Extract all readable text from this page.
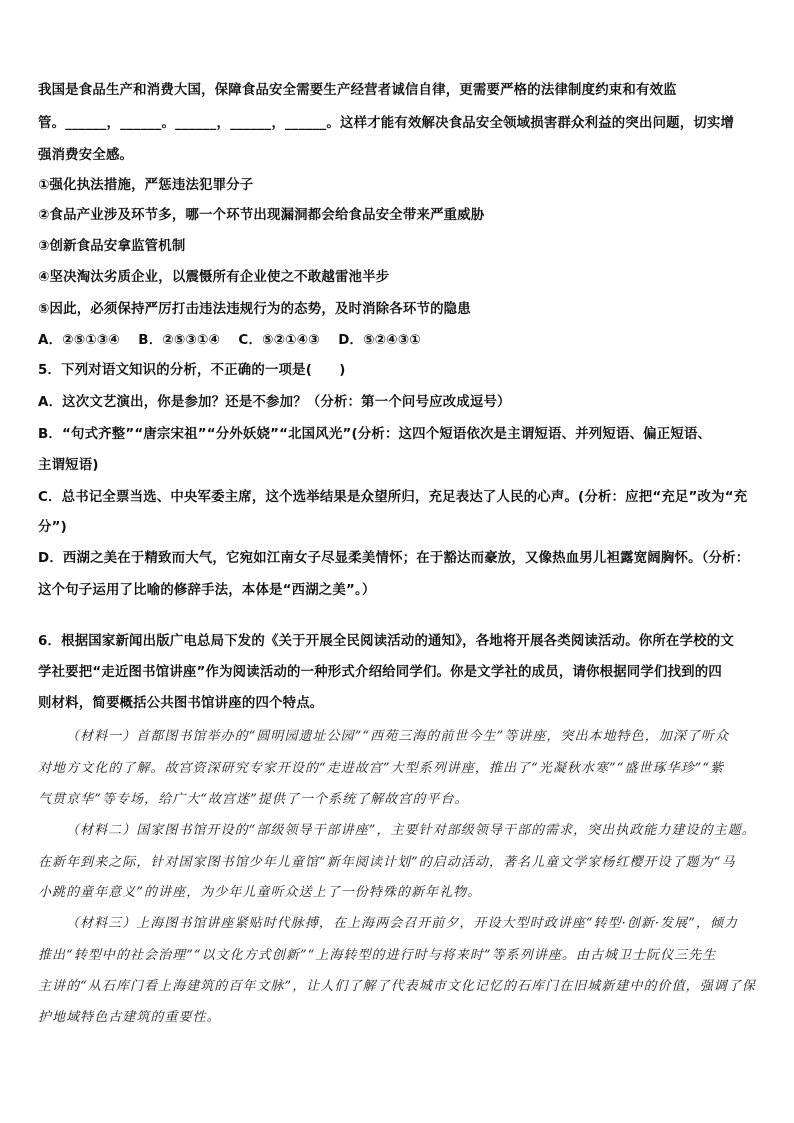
我国是食品生产和消费大国，保障食品安全需要生产经营者诚信自律，更需要严格的法律制度约束和有效监
管。______，______。______，______，______。这样才能有效解决食品安全领域损害群众利益的突出问题，切实增
强消费安全感。
①强化执法措施，严惩违法犯罪分子
②食品产业涉及环节多，哪一个环节出现漏洞都会给食品安全带来严重威胁
③创新食品安拿监管机制
④坚决淘汰劣质企业，以震慑所有企业使之不敢越雷池半步
⑤因此，必须保持严厉打击违法违规行为的态势，及时消除各环节的隐患
A．②⑤①③④　 B．②⑤③①④　 C．⑤②①④③　 D．⑤②④③①
5．下列对语文知识的分析，不正确的一项是(　　)
A．这次文艺演出，你是参加？还是不参加？（分析：第一个问号应改成逗号）
B．“句式齐整”“唐宗宋祖”“分外妖娆”“北国风光”(分析：这四个短语依次是主谓短语、并列短语、偏正短语、
主谓短语)
C．总书记全票当选、中央军委主席，这个选举结果是众望所归，充足表达了人民的心声。(分析：应把“充足”改为“充
分”)
D．西湖之美在于精致而大气，它宛如江南女子尽显柔美情怀；在于豁达而豪放，又像热血男儿袒露宽阔胸怀。（分析：
这个句子运用了比喻的修辞手法，本体是“西湖之美”。）
6．根据国家新闻出版广电总局下发的《关于开展全民阅读活动的通知》，各地将开展各类阅读活动。你所在学校的文
学社要把“走近图书馆讲座”作为阅读活动的一种形式介绍给同学们。你是文学社的成员，请你根据同学们找到的四
则材料，简要概括公共图书馆讲座的四个特点。
（材料一）首都图书馆举办的“圆明园遗址公园”“西苑三海的前世今生”等讲座，突出本地特色，加深了听众
对地方文化的了解。故宫资深研究专家开设的“走进故宫”大型系列讲座，推出了“光凝秋水寒”“盛世琢华珍”“紫
气贯京华”等专场，给广大“故宫迷”提供了一个系统了解故宫的平台。
（材料二）国家图书馆开设的“部级领导干部讲座”，主要针对部级领导干部的需求，突出执政能力建设的主题。
在新年到来之际，针对国家图书馆少年儿童馆“新年阅读计划”的启动活动，著名儿童文学家杨红樱开设了题为“马
小跳的童年意义”的讲座，为少年儿童听众送上了一份特殊的新年礼物。
（材料三）上海图书馆讲座紧贴时代脉搏，在上海两会召开前夕，开设大型时政讲座“转型·创新·发展”，倾力
推出“转型中的社会治理”“以文化方式创新”“上海转型的进行时与将来时”等系列讲座。由古城卫士阮仪三先生
主讲的“从石库门看上海建筑的百年文脉”，让人们了解了代表城市文化记忆的石库门在旧城新建中的价值，强调了保
护地域特色古建筑的重要性。
